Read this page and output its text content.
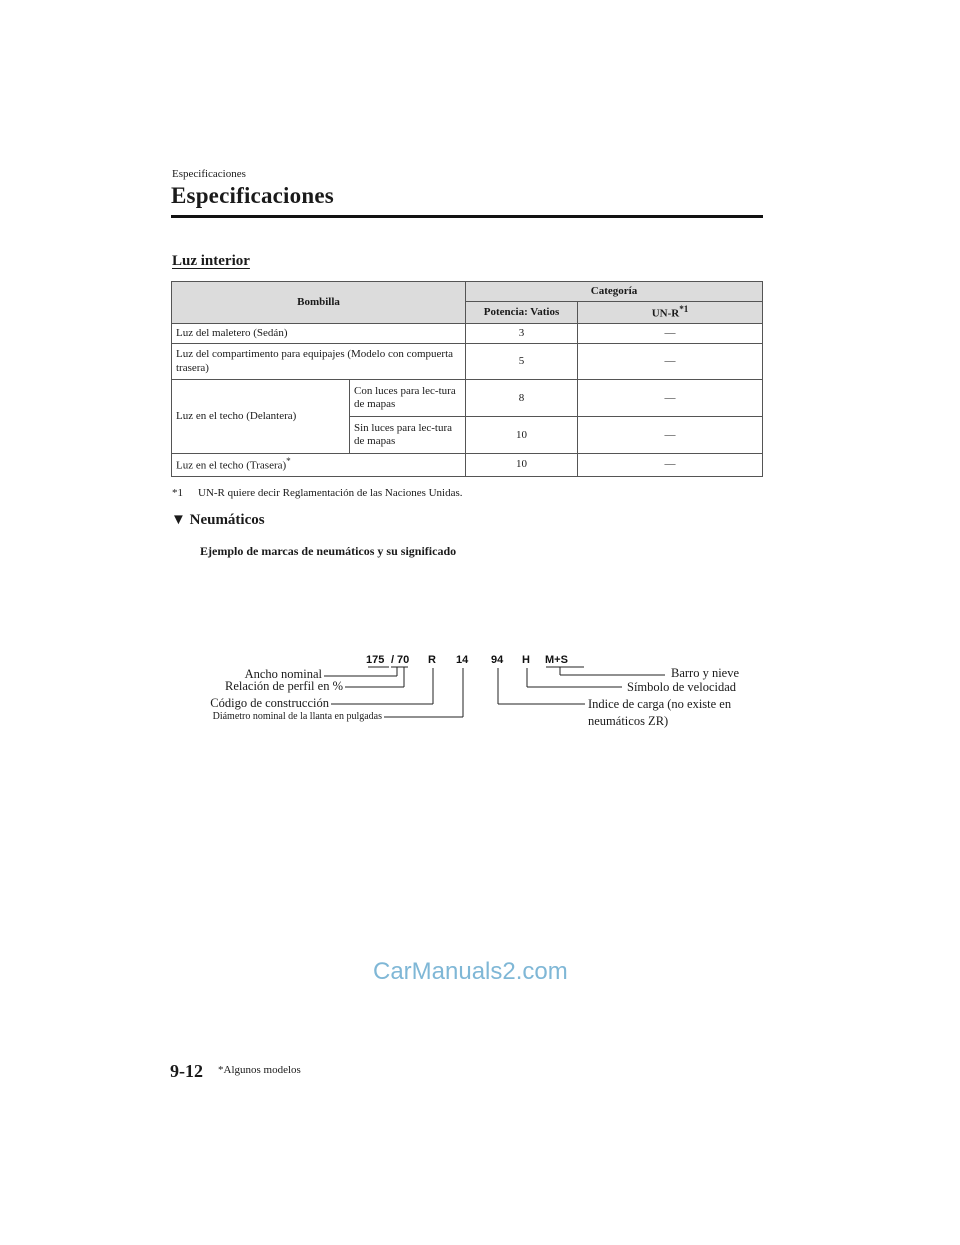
Especificaciones
Especificaciones
Luz interior
Bombilla		Categoría	
		Potencia: Vatios	$UN-R^{*1}$
Luz del maletero (Sedán)		3	—
Luz del compartimento para equipajes (Modelo con compuerta trasera)		5	—
Luz en el techo (Delantera)	Con luces para lec-tura de mapas	8	—
	Sin luces para lec-tura de mapas	10	—
Luz en el techo (Trasera)*		10	—
*1 UN-R quiere decir Reglamentación de las Naciones Unidas.
▼ Neumáticos
Ejemplo de marcas de neumáticos y su significado
175 / 70 R 14 94 H M+S
Ancho nominal
Relación de perfil en %
Código de construcción
Diámetro nominal de la llanta en pulgadas
Barro y nieve
Símbolo de velocidad
Indice de carga (no existe en
neumáticos ZR)
CarManuals2.com
9-12 *Algunos modelos
